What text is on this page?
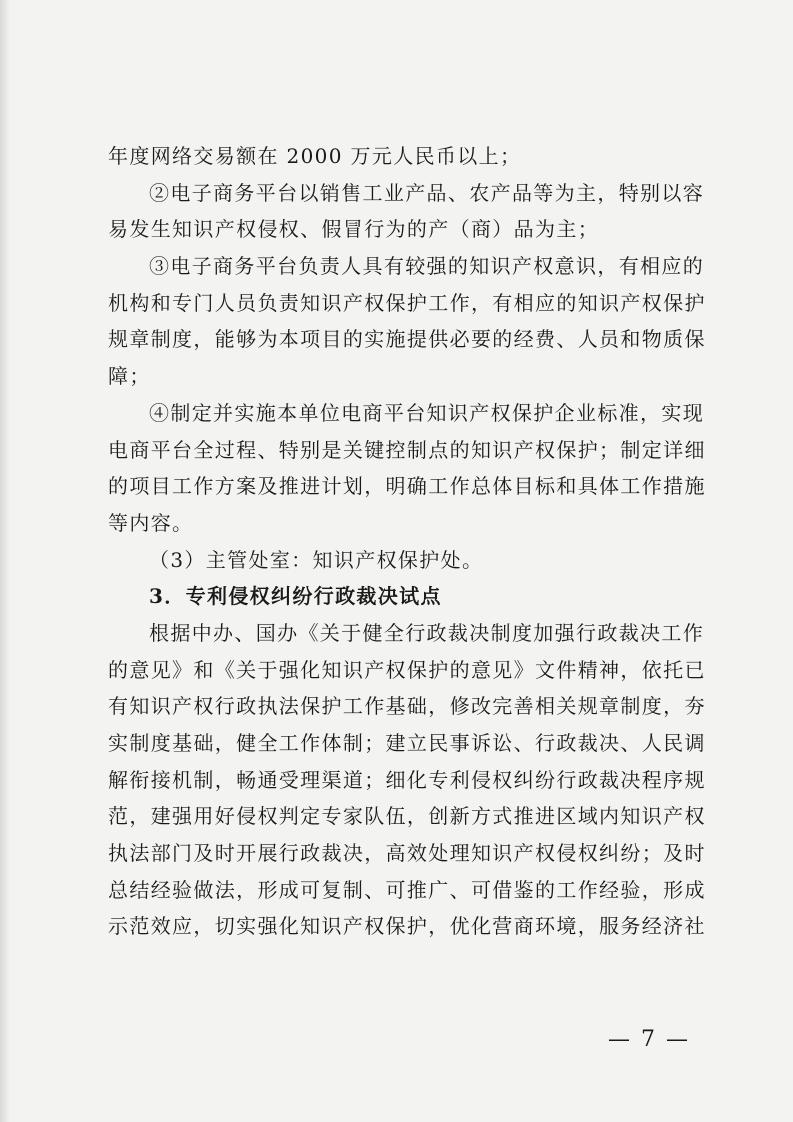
年度网络交易额在 2000 万元人民币以上；
②电子商务平台以销售工业产品、农产品等为主，特别以容
易发生知识产权侵权、假冒行为的产（商）品为主；
③电子商务平台负责人具有较强的知识产权意识，有相应的
机构和专门人员负责知识产权保护工作，有相应的知识产权保护
规章制度，能够为本项目的实施提供必要的经费、人员和物质保
障；
④制定并实施本单位电商平台知识产权保护企业标准，实现
电商平台全过程、特别是关键控制点的知识产权保护；制定详细
的项目工作方案及推进计划，明确工作总体目标和具体工作措施
等内容。
（3）主管处室：知识产权保护处。
3．专利侵权纠纷行政裁决试点
根据中办、国办《关于健全行政裁决制度加强行政裁决工作
的意见》和《关于强化知识产权保护的意见》文件精神，依托已
有知识产权行政执法保护工作基础，修改完善相关规章制度，夯
实制度基础，健全工作体制；建立民事诉讼、行政裁决、人民调
解衔接机制，畅通受理渠道；细化专利侵权纠纷行政裁决程序规
范，建强用好侵权判定专家队伍，创新方式推进区域内知识产权
执法部门及时开展行政裁决，高效处理知识产权侵权纠纷；及时
总结经验做法，形成可复制、可推广、可借鉴的工作经验，形成
示范效应，切实强化知识产权保护，优化营商环境，服务经济社
— 7 —
